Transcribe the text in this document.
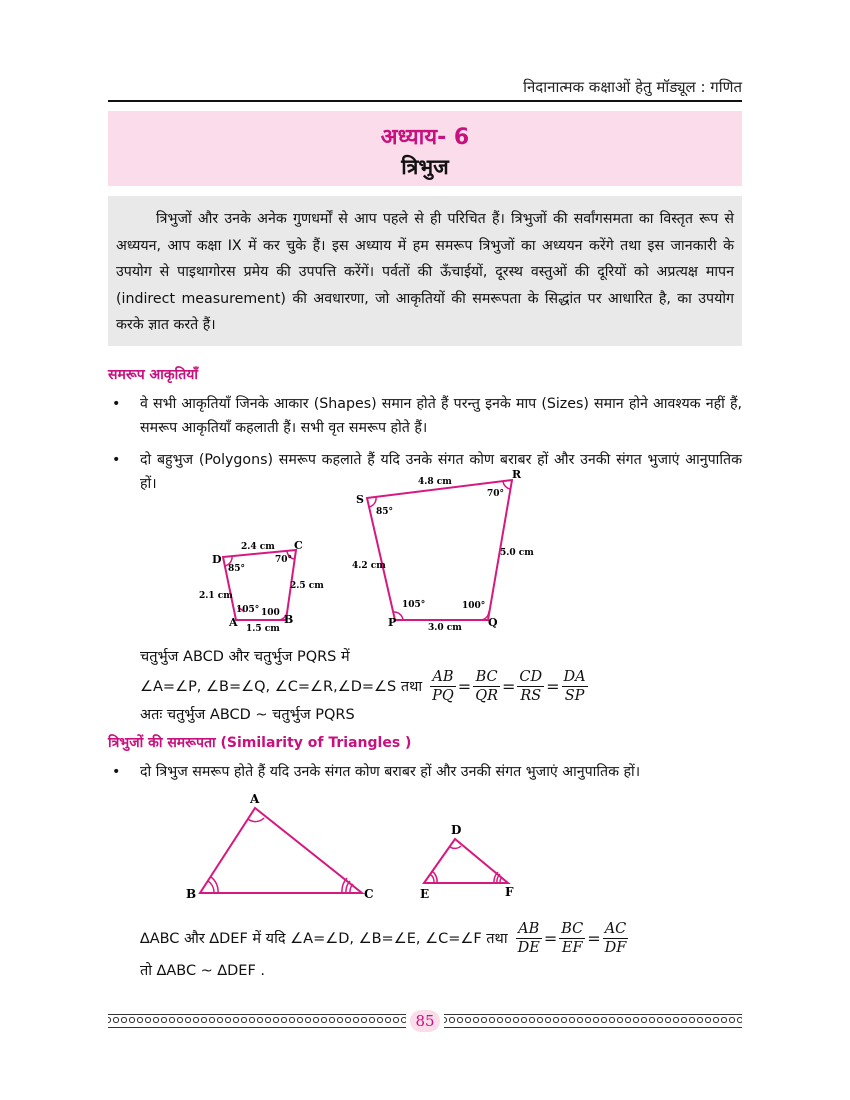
निदानात्मक कक्षाओं हेतु मॉड्यूल : गणित
अध्याय- 6
त्रिभुज

त्रिभुजों और उनके अनेक गुणधर्मों से आप पहले से ही परिचित हैं। त्रिभुजों की सर्वांगसमता का विस्तृत रूप से अध्ययन, आप कक्षा IX में कर चुके हैं। इस अध्याय में हम समरूप त्रिभुजों का अध्ययन करेंगे तथा इस जानकारी के उपयोग से पाइथागोरस प्रमेय की उपपत्ति करेंगें। पर्वतों की ऊँचाईयों, दूरस्थ वस्तुओं की दूरियों को अप्रत्यक्ष मापन (indirect measurement) की अवधारणा, जो आकृतियों की समरूपता के सिद्धांत पर आधारित है, का उपयोग करके ज्ञात करते हैं।

समरूप आकृतियाँ
• वे सभी आकृतियाँ जिनके आकार (Shapes) समान होते हैं परन्तु इनके माप (Sizes) समान होने आवश्यक नहीं हैं, समरूप आकृतियाँ कहलाती हैं। सभी वृत समरूप होते हैं।
• दो बहुभुज (Polygons) समरूप कहलाते हैं यदि उनके संगत कोण बराबर हों और उनकी संगत भुजाएं आनुपातिक हों।
A	B
C
D
1.5 cm
2.5 cm
2.4 cm
2.1 cm
105° 100
70°
85°
P	Q
R
S
3.0 cm
5.0 cm
4.8 cm
4.2 cm
105°	100°
70°
85°
चतुर्भुज ABCD और चतुर्भुज PQRS में
∠A=∠P, ∠B=∠Q, ∠C=∠R,∠D=∠S तथा $\frac{AB}{PQ} = \frac{BC}{QR} = \frac{CD}{RS} = \frac{DA}{SP}$
अतः चतुर्भुज ABCD ~ चतुर्भुज PQRS
त्रिभुजों की समरूपता (Similarity of Triangles )
• दो त्रिभुज समरूप होते हैं यदि उनके संगत कोण बराबर हों और उनकी संगत भुजाएं आनुपातिक हों।
A
B	C
D
E	F
∆ABC और ∆DEF में यदि ∠A=∠D, ∠B=∠E, ∠C=∠F तथा $\frac{AB}{DE} = \frac{BC}{EF} = \frac{AC}{DF}$
तो ∆ABC ~ ∆DEF .
85
